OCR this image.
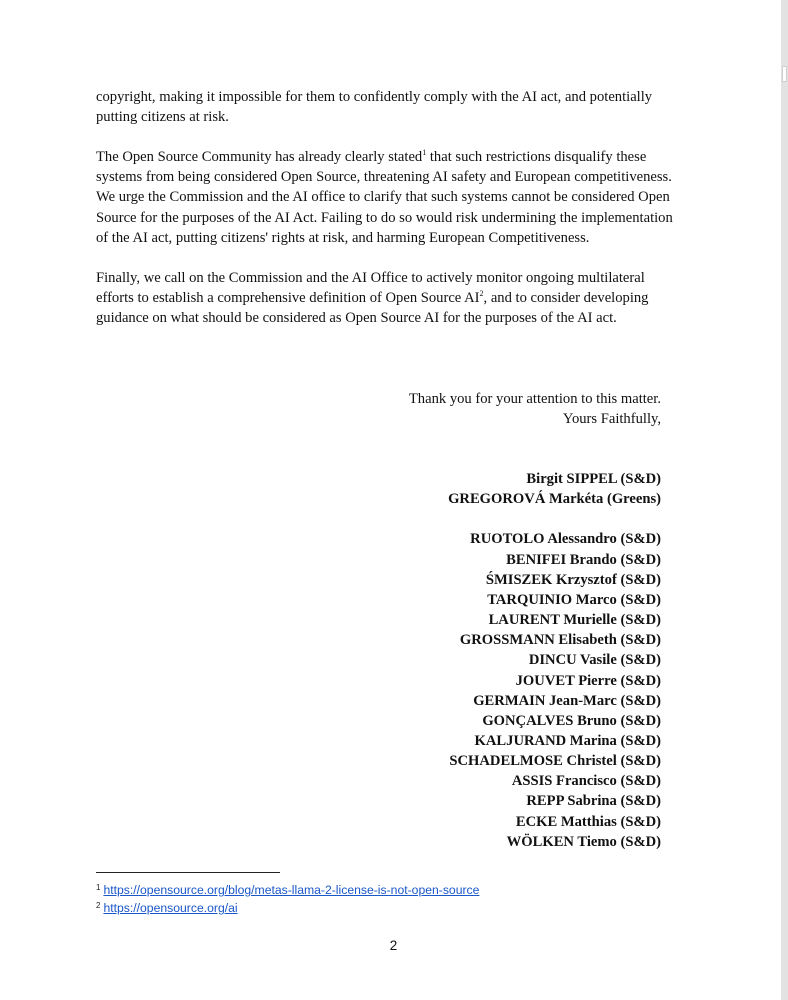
copyright, making it impossible for them to confidently comply with the AI act, and potentially putting citizens at risk.

The Open Source Community has already clearly stated$^1$ that such restrictions disqualify these systems from being considered Open Source, threatening AI safety and European competitiveness. We urge the Commission and the AI office to clarify that such systems cannot be considered Open Source for the purposes of the AI Act. Failing to do so would risk undermining the implementation of the AI act, putting citizens' rights at risk, and harming European Competitiveness.

Finally, we call on the Commission and the AI Office to actively monitor ongoing multilateral efforts to establish a comprehensive definition of Open Source $AI^2$, and to consider developing guidance on what should be considered as Open Source AI for the purposes of the AI act.

Thank you for your attention to this matter.
Yours Faithfully,
Birgit SIPPEL (S&D)
GREGOROVÁ Markéta (Greens)
RUOTOLO Alessandro (S&D)
BENIFEI Brando (S&D)
ŚMISZEK Krzysztof (S&D)
TARQUINIO Marco (S&D)
LAURENT Murielle (S&D)
GROSSMANN Elisabeth (S&D)
DINCU Vasile (S&D)
JOUVET Pierre (S&D)
GERMAIN Jean-Marc (S&D)
GONÇALVES Bruno (S&D)
KALJURAND Marina (S&D)
SCHADELMOSE Christel (S&D)
ASSIS Francisco (S&D)
REPP Sabrina (S&D)
ECKE Matthias (S&D)
WÖLKEN Tiemo (S&D)
$^1$ https://opensource.org/blog/metas-llama-2-license-is-not-open-source
$^2$ https://opensource.org/ai
2
